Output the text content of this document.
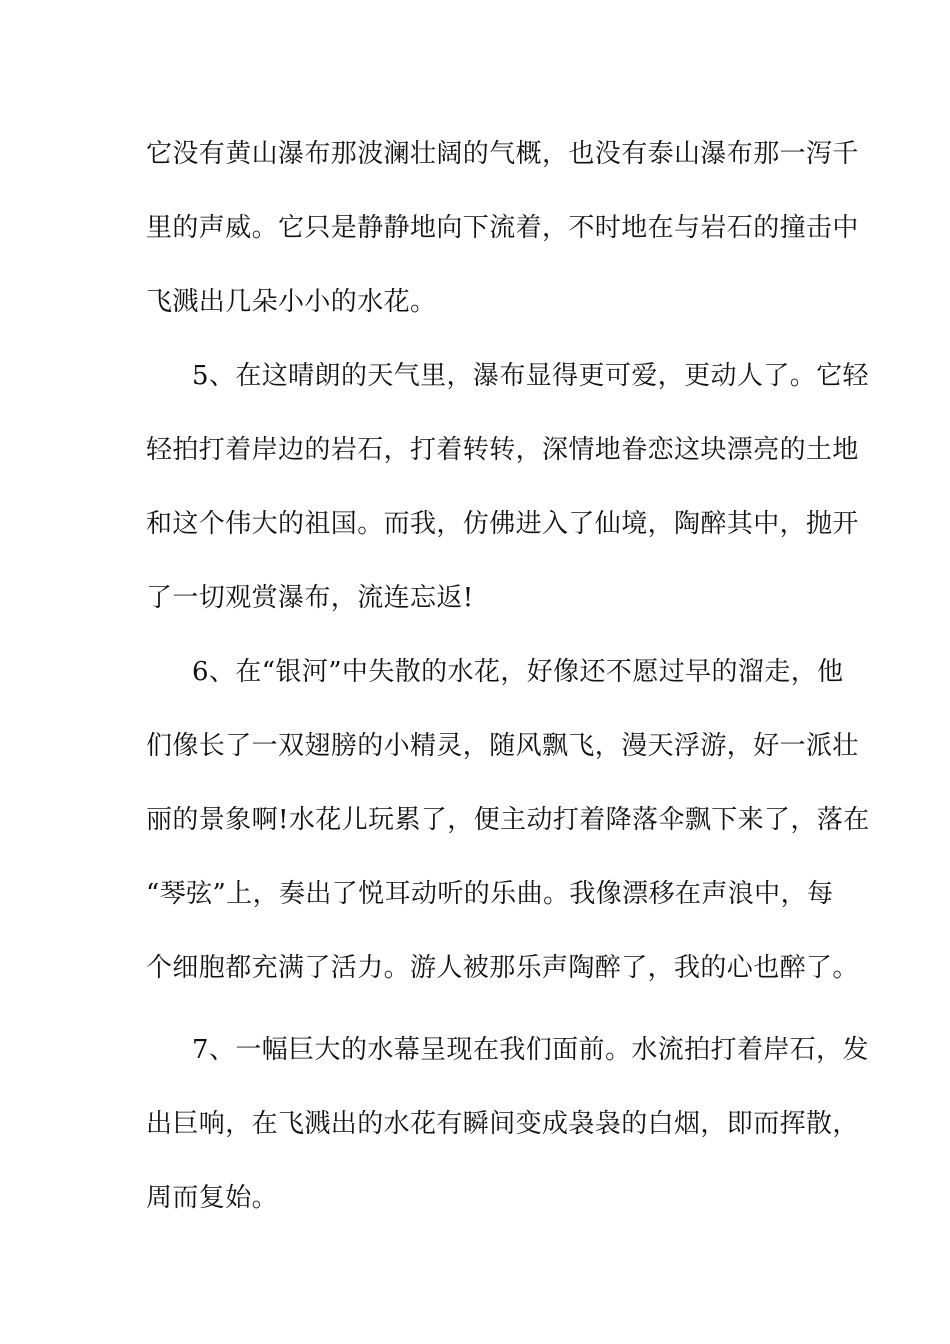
它没有黄山瀑布那波澜壮阔的气概，也没有泰山瀑布那一泻千
里的声威。它只是静静地向下流着，不时地在与岩石的撞击中
飞溅出几朵小小的水花。
5、在这晴朗的天气里，瀑布显得更可爱，更动人了。它轻
轻拍打着岸边的岩石，打着转转，深情地眷恋这块漂亮的土地
和这个伟大的祖国。而我，仿佛进入了仙境，陶醉其中，抛开
了一切观赏瀑布，流连忘返!
6、在“银河”中失散的水花，好像还不愿过早的溜走，他
们像长了一双翅膀的小精灵，随风飘飞，漫天浮游，好一派壮
丽的景象啊!水花儿玩累了，便主动打着降落伞飘下来了，落在
“琴弦”上，奏出了悦耳动听的乐曲。我像漂移在声浪中，每
个细胞都充满了活力。游人被那乐声陶醉了，我的心也醉了。
7、一幅巨大的水幕呈现在我们面前。水流拍打着岸石，发
出巨响，在飞溅出的水花有瞬间变成袅袅的白烟，即而挥散，
周而复始。
